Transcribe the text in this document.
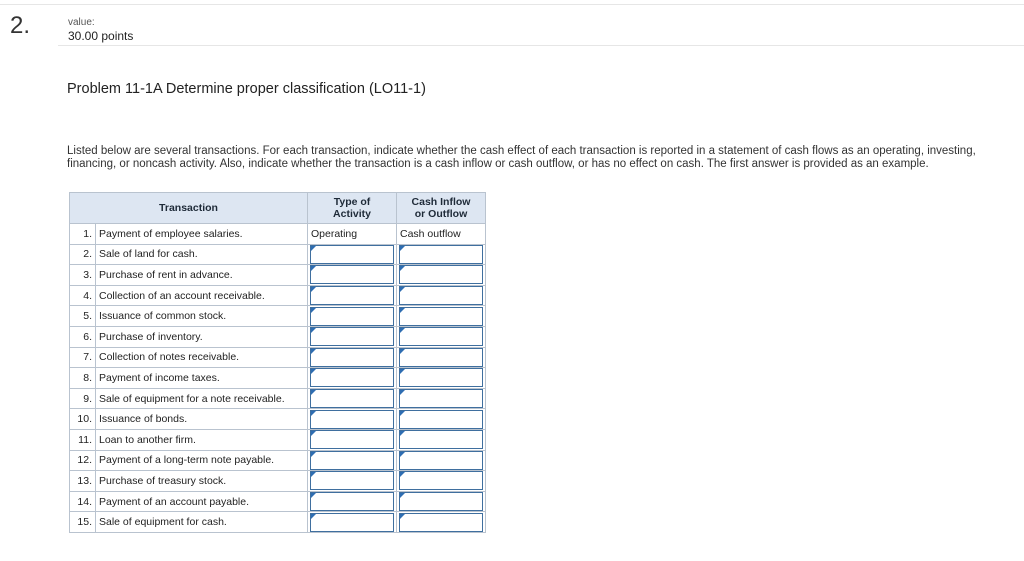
2.	value:
30.00 points
Problem 11-1A Determine proper classification (LO11-1)
Listed below are several transactions. For each transaction, indicate whether the cash effect of each transaction is reported in a statement of cash flows as an operating, investing, financing, or noncash activity. Also, indicate whether the transaction is a cash inflow or cash outflow, or has no effect on cash. The first answer is provided as an example.
Transaction		Type of Activity	Cash Inflow or Outflow
1.	Payment of employee salaries.	Operating	Cash outflow
2.	Sale of land for cash.	

3.	Purchase of rent in advance.	

4.	Collection of an account receivable.	

5.	Issuance of common stock.	

6.	Purchase of inventory.	

7.	Collection of notes receivable.	

8.	Payment of income taxes.	

9.	Sale of equipment for a note receivable.	

10.	Issuance of bonds.	

11.	Loan to another firm.	

12.	Payment of a long-term note payable.	

13.	Purchase of treasury stock.	

14.	Payment of an account payable.	

15.	Sale of equipment for cash.	
